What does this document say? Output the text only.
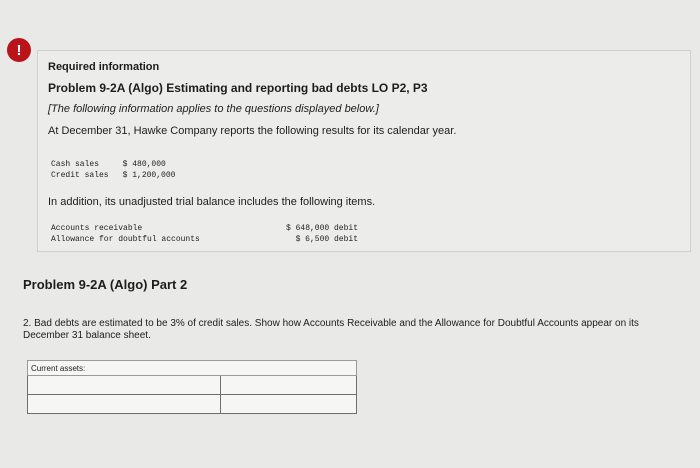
!

Required information

Problem 9-2A (Algo) Estimating and reporting bad debts LO P2, P3

[The following information applies to the questions displayed below.]

At December 31, Hawke Company reports the following results for its calendar year.

Cash sales	$ 480,000
Credit sales	$ 1,200,000

In addition, its unadjusted trial balance includes the following items.

Accounts receivable	$ 648,000 debit
Allowance for doubtful accounts	$ 6,500 debit
Problem 9-2A (Algo) Part 2
2. Bad debts are estimated to be 3% of credit sales. Show how Accounts Receivable and the Allowance for Doubtful Accounts appear on its December 31 balance sheet.
Current assets:		
